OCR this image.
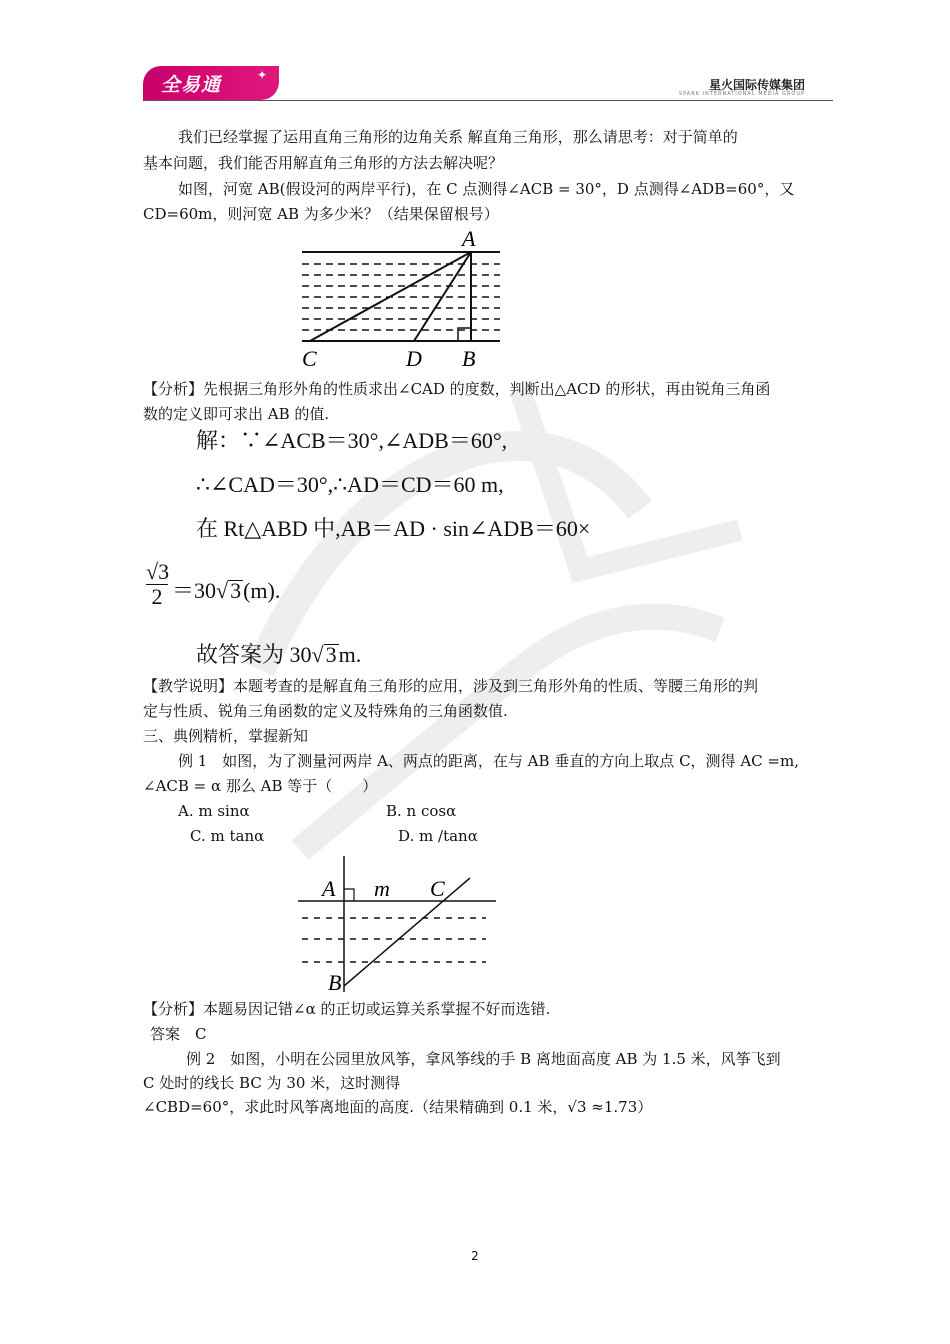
全易通	✦
星火国际传媒集团
SPARK INTERNATIONAL MEDIA GROUP
我们已经掌握了运用直角三角形的边角关系 解直角三角形，那么请思考：对于简单的
基本问题，我们能否用解直角三角形的方法去解决呢？
如图，河宽 AB(假设河的两岸平行)，在 C 点测得∠ACB = 30°，D 点测得∠ADB=60°，又
CD=60m，则河宽 AB 为多少米？（结果保留根号）
A
C	D B
【分析】先根据三角形外角的性质求出∠CAD 的度数，判断出△ACD 的形状，再由锐角三角函
数的定义即可求出 AB 的值.
解：∵∠ACB＝30°,∠ADB＝60°,
∴∠CAD＝30°,∴AD＝CD＝60 m,
在 Rt△ABD 中,AB＝AD · sin∠ADB＝60×
$\frac{√3}{2} =30√3(m)$.
故答案为 30√3m.
【教学说明】本题考查的是解直角三角形的应用，涉及到三角形外角的性质、等腰三角形的判
定与性质、锐角三角函数的定义及特殊角的三角函数值.
三、典例精析，掌握新知
例 1　如图，为了测量河两岸 A、两点的距离，在与 AB 垂直的方向上取点 C，测得 AC =m,
∠ACB = α 那么 AB 等于（　　）
A. m sinα	B. n cosα
C. m tanα	D. m /tanα
A m C
B
【分析】本题易因记错∠α 的正切或运算关系掌握不好而选错.
答案　C
例 2　如图，小明在公园里放风筝，拿风筝线的手 B 离地面高度 AB 为 1.5 米，风筝飞到
C 处时的线长 BC 为 30 米，这时测得
∠CBD=60°，求此时风筝离地面的高度.（结果精确到 0.1 米，√3 ≈1.73）
2
